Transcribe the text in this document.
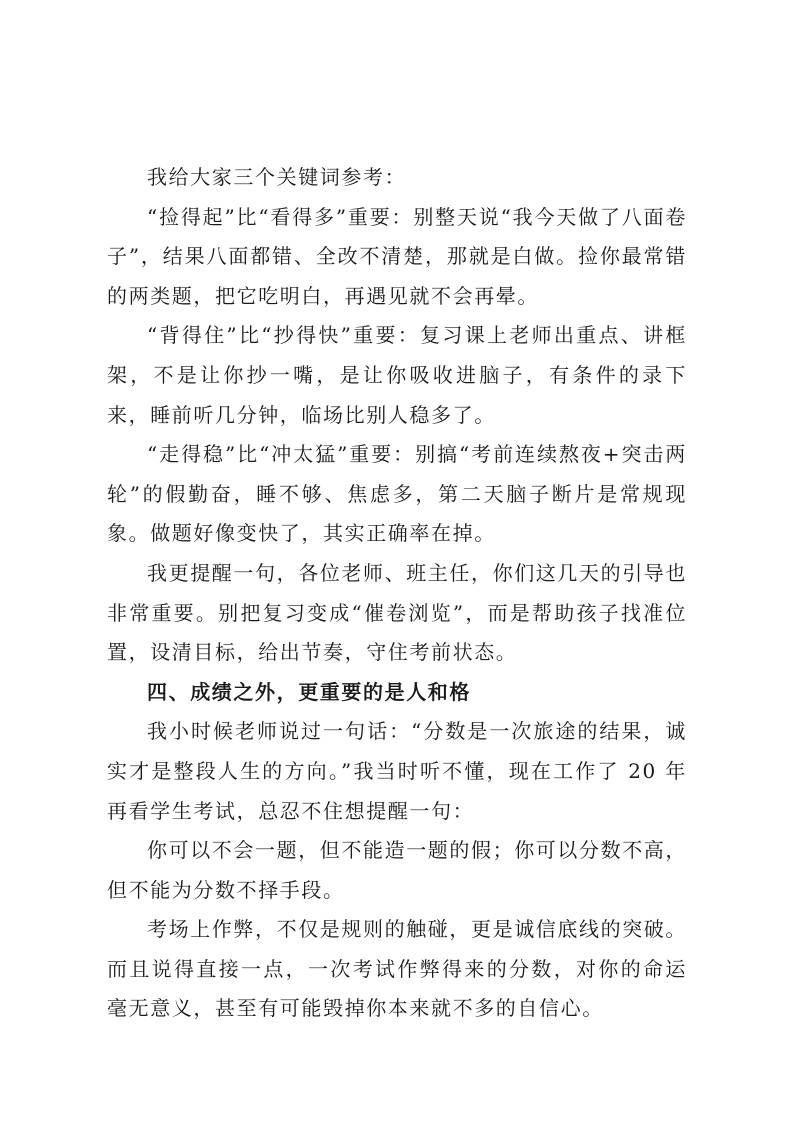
我给大家三个关键词参考：

“捡得起”比“看得多”重要：别整天说“我今天做了八面卷子”，结果八面都错、全改不清楚，那就是白做。捡你最常错的两类题，把它吃明白，再遇见就不会再晕。

“背得住”比“抄得快”重要：复习课上老师出重点、讲框架，不是让你抄一嘴，是让你吸收进脑子，有条件的录下来，睡前听几分钟，临场比别人稳多了。

“走得稳”比“冲太猛”重要：别搞“考前连续熬夜+突击两轮”的假勤奋，睡不够、焦虑多，第二天脑子断片是常规现象。做题好像变快了，其实正确率在掉。

我更提醒一句，各位老师、班主任，你们这几天的引导也非常重要。别把复习变成“催卷浏览”，而是帮助孩子找准位置，设清目标，给出节奏，守住考前状态。

四、成绩之外，更重要的是人和格

我小时候老师说过一句话：“分数是一次旅途的结果，诚实才是整段人生的方向。”我当时听不懂，现在工作了 20 年再看学生考试，总忍不住想提醒一句：

你可以不会一题，但不能造一题的假；你可以分数不高，但不能为分数不择手段。

考场上作弊，不仅是规则的触碰，更是诚信底线的突破。而且说得直接一点，一次考试作弊得来的分数，对你的命运毫无意义，甚至有可能毁掉你本来就不多的自信心。
